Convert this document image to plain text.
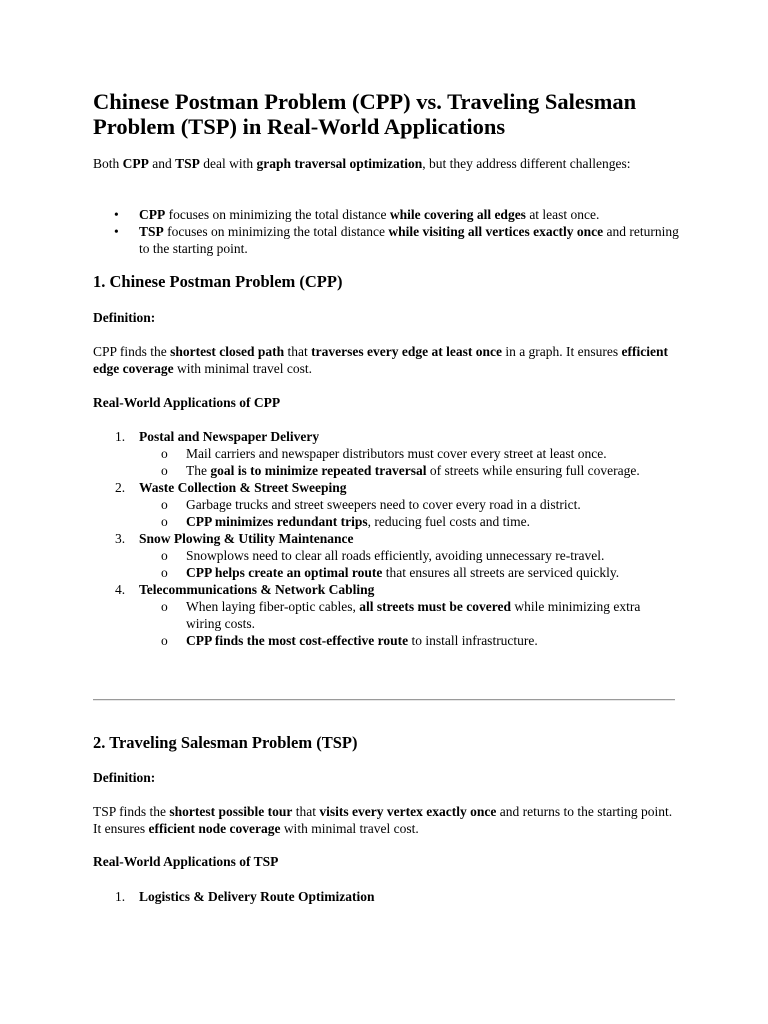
Chinese Postman Problem (CPP) vs. Traveling Salesman Problem (TSP) in Real-World Applications

Both CPP and TSP deal with graph traversal optimization, but they address different challenges:

• CPP focuses on minimizing the total distance while covering all edges at least once.
• TSP focuses on minimizing the total distance while visiting all vertices exactly once and returning to the starting point.
1. Chinese Postman Problem (CPP)
Definition:

CPP finds the shortest closed path that traverses every edge at least once in a graph. It ensures efficient edge coverage with minimal travel cost.

Real-World Applications of CPP
1. Postal and Newspaper Delivery
o Mail carriers and newspaper distributors must cover every street at least once.
o The goal is to minimize repeated traversal of streets while ensuring full coverage.
2. Waste Collection & Street Sweeping
o Garbage trucks and street sweepers need to cover every road in a district.
o CPP minimizes redundant trips, reducing fuel costs and time.
3. Snow Plowing & Utility Maintenance
o Snowplows need to clear all roads efficiently, avoiding unnecessary re-travel.
o CPP helps create an optimal route that ensures all streets are serviced quickly.
4. Telecommunications & Network Cabling
o When laying fiber-optic cables, all streets must be covered while minimizing extra wiring costs.
o CPP finds the most cost-effective route to install infrastructure.
2. Traveling Salesman Problem (TSP)
Definition:

TSP finds the shortest possible tour that visits every vertex exactly once and returns to the starting point. It ensures efficient node coverage with minimal travel cost.

Real-World Applications of TSP
1. Logistics & Delivery Route Optimization
